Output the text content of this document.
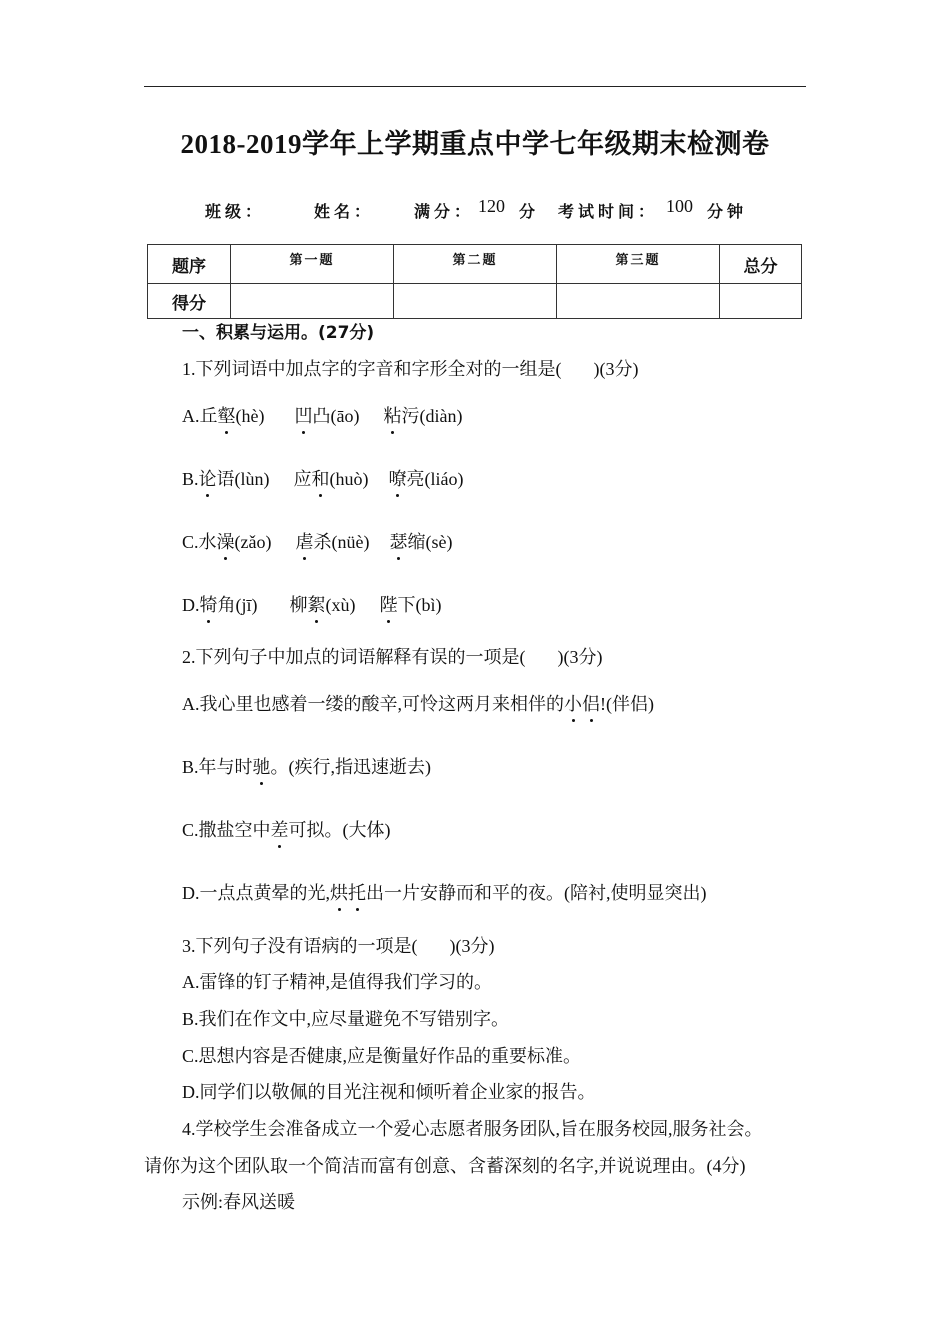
2018-2019学年上学期重点中学七年级期末检测卷
班级：	姓名： 满分： 120 分 考试时间： 100 分钟
题序	第一题	第二题	第三题	总分
得分				
一、积累与运用。(27分)
1.下列词语中加点字的字音和字形全对的一组是( )(3分)
A.丘壑(hè) 凹凸(āo) 粘污(diàn)
B.论语(lùn) 应和(huò) 嘹亮(liáo)
C.水澡(zǎo) 虐杀(nüè) 瑟缩(sè)
D.犄角(jī) 柳絮(xù) 陛下(bì)
2.下列句子中加点的词语解释有误的一项是( )(3分)
A.我心里也感着一缕的酸辛,可怜这两月来相伴的小侣!(伴侣)
B.年与时驰。(疾行,指迅速逝去)
C.撒盐空中差可拟。(大体)
D.一点点黄晕的光,烘托出一片安静而和平的夜。(陪衬,使明显突出)
3.下列句子没有语病的一项是( )(3分)
A.雷锋的钉子精神,是值得我们学习的。
B.我们在作文中,应尽量避免不写错别字。
C.思想内容是否健康,应是衡量好作品的重要标准。
D.同学们以敬佩的目光注视和倾听着企业家的报告。
4.学校学生会准备成立一个爱心志愿者服务团队,旨在服务校园,服务社会。
请你为这个团队取一个简洁而富有创意、含蓄深刻的名字,并说说理由。(4分)
示例:春风送暖
